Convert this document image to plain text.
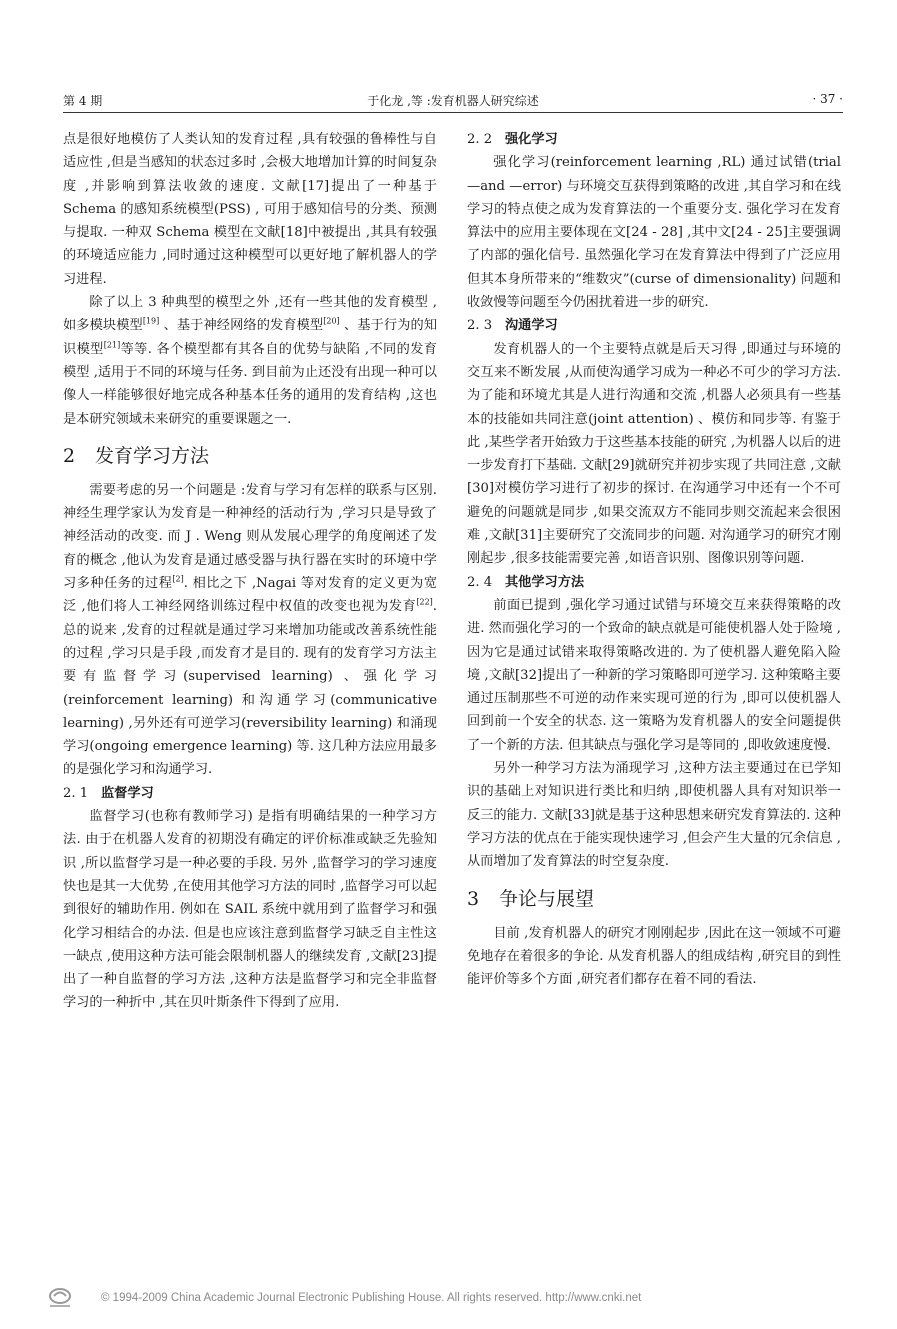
第 4 期	于化龙 ,等 :发育机器人研究综述	· 37 ·

点是很好地模仿了人类认知的发育过程 ,具有较强的鲁棒性与自适应性 ,但是当感知的状态过多时 ,会极大地增加计算的时间复杂度 ,并影响到算法收敛的速度. 文献[17]提出了一种基于 Schema 的感知系统模型(PSS) , 可用于感知信号的分类、预测与提取. 一种双 Schema 模型在文献[18]中被提出 ,其具有较强的环境适应能力 ,同时通过这种模型可以更好地了解机器人的学习进程.

除了以上 3 种典型的模型之外 ,还有一些其他的发育模型 ,如多模块模型[19] 、基于神经网络的发育模型[20] 、基于行为的知识模型[21]等等. 各个模型都有其各自的优势与缺陷 ,不同的发育模型 ,适用于不同的环境与任务. 到目前为止还没有出现一种可以像人一样能够很好地完成各种基本任务的通用的发育结构 ,这也是本研究领域未来研究的重要课题之一.

2 发育学习方法

需要考虑的另一个问题是 :发育与学习有怎样的联系与区别. 神经生理学家认为发育是一种神经的活动行为 ,学习只是导致了神经活动的改变. 而 J . Weng 则从发展心理学的角度阐述了发育的概念 ,他认为发育是通过感受器与执行器在实时的环境中学习多种任务的过程[2]. 相比之下 ,Nagai 等对发育的定义更为宽泛 ,他们将人工神经网络训练过程中权值的改变也视为发育[22]. 总的说来 ,发育的过程就是通过学习来增加功能或改善系统性能的过程 ,学习只是手段 ,而发育才是目的. 现有的发育学习方法主要有监督学习(supervised learning) 、强化学习(reinforcement learning) 和沟通学习(communicative learning) ,另外还有可逆学习(reversibility learning) 和涌现学习(ongoing emergence learning) 等. 这几种方法应用最多的是强化学习和沟通学习.

2. 1 监督学习

监督学习(也称有教师学习) 是指有明确结果的一种学习方法. 由于在机器人发育的初期没有确定的评价标准或缺乏先验知识 ,所以监督学习是一种必要的手段. 另外 ,监督学习的学习速度快也是其一大优势 ,在使用其他学习方法的同时 ,监督学习可以起到很好的辅助作用. 例如在 SAIL 系统中就用到了监督学习和强化学习相结合的办法. 但是也应该注意到监督学习缺乏自主性这一缺点 ,使用这种方法可能会限制机器人的继续发育 ,文献[23]提出了一种自监督的学习方法 ,这种方法是监督学习和完全非监督学习的一种折中 ,其在贝叶斯条件下得到了应用.

2. 2 强化学习

强化学习(reinforcement learning ,RL) 通过试错(trial —and —error) 与环境交互获得到策略的改进 ,其自学习和在线学习的特点使之成为发育算法的一个重要分支. 强化学习在发育算法中的应用主要体现在文[24 - 28] ,其中文[24 - 25]主要强调了内部的强化信号. 虽然强化学习在发育算法中得到了广泛应用但其本身所带来的“维数灾”(curse of dimensionality) 问题和收敛慢等问题至今仍困扰着进一步的研究.

2. 3 沟通学习

发育机器人的一个主要特点就是后天习得 ,即通过与环境的交互来不断发展 ,从而使沟通学习成为一种必不可少的学习方法. 为了能和环境尤其是人进行沟通和交流 ,机器人必须具有一些基本的技能如共同注意(joint attention) 、模仿和同步等. 有鉴于此 ,某些学者开始致力于这些基本技能的研究 ,为机器人以后的进一步发育打下基础. 文献[29]就研究并初步实现了共同注意 ,文献[30]对模仿学习进行了初步的探讨. 在沟通学习中还有一个不可避免的问题就是同步 ,如果交流双方不能同步则交流起来会很困难 ,文献[31]主要研究了交流同步的问题. 对沟通学习的研究才刚刚起步 ,很多技能需要完善 ,如语音识别、图像识别等问题.

2. 4 其他学习方法

前面已提到 ,强化学习通过试错与环境交互来获得策略的改进. 然而强化学习的一个致命的缺点就是可能使机器人处于险境 ,因为它是通过试错来取得策略改进的. 为了使机器人避免陷入险境 ,文献[32]提出了一种新的学习策略即可逆学习. 这种策略主要通过压制那些不可逆的动作来实现可逆的行为 ,即可以使机器人回到前一个安全的状态. 这一策略为发育机器人的安全问题提供了一个新的方法. 但其缺点与强化学习是等同的 ,即收敛速度慢.

另外一种学习方法为涌现学习 ,这种方法主要通过在已学知识的基础上对知识进行类比和归纳 ,即使机器人具有对知识举一反三的能力. 文献[33]就是基于这种思想来研究发育算法的. 这种学习方法的优点在于能实现快速学习 ,但会产生大量的冗余信息 ,从而增加了发育算法的时空复杂度.

3 争论与展望

目前 ,发育机器人的研究才刚刚起步 ,因此在这一领域不可避免地存在着很多的争论. 从发育机器人的组成结构 ,研究目的到性能评价等多个方面 ,研究者们都存在着不同的看法.

© 1994-2009 China Academic Journal Electronic Publishing House. All rights reserved. http://www.cnki.net
